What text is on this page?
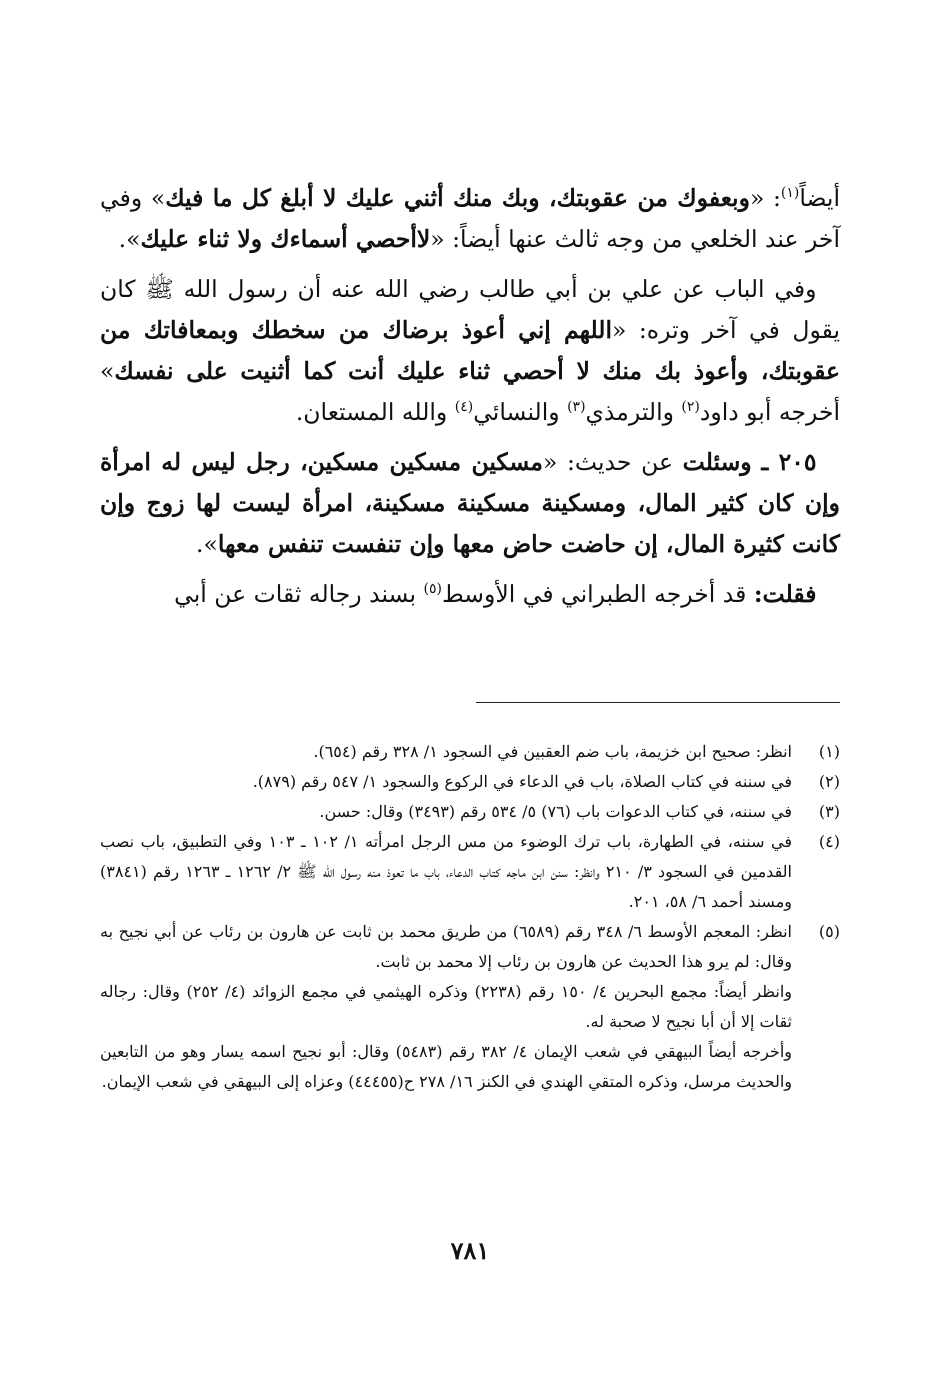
أيضاً$^{(١)}$: «وبعفوك من عقوبتك، وبك منك أثني عليك لا أبلغ كل ما فيك» وفي آخر عند الخلعي من وجه ثالث عنها أيضاً: «لاأحصي أسماءك ولا ثناء عليك».

 وفي الباب عن علي بن أبي طالب رضي الله عنه أن رسول الله ﷺ كان يقول في آخر وتره: «اللهم إني أعوذ برضاك من سخطك وبمعافاتك من عقوبتك، وأعوذ بك منك لا أحصي ثناء عليك أنت كما أثنيت على نفسك» أخرجه أبو داود$^{(٢)}$ والترمذي$^{(٣)}$ والنسائي$^{(٤)}$ والله المستعان.

 ٢٠٥ ـ وسئلت عن حديث: «مسكين مسكين مسكين، رجل ليس له امرأة وإن كان كثير المال، ومسكينة مسكينة مسكينة، امرأة ليست لها زوج وإن كانت كثيرة المال، إن حاضت حاض معها وإن تنفست تنفس معها».

 فقلت: قد أخرجه الطبراني في الأوسط$^{(٥)}$ بسند رجاله ثقات عن أبي

(١)
انظر: صحيح ابن خزيمة، باب ضم العقبين في السجود ١/ ٣٢٨ رقم (٦٥٤).
(٢)
في سننه في كتاب الصلاة، باب في الدعاء في الركوع والسجود ١/ ٥٤٧ رقم (٨٧٩).
(٣)
في سننه، في كتاب الدعوات باب (٧٦) ٥/ ٥٣٤ رقم (٣٤٩٣) وقال: حسن.
(٤)
في سننه، في الطهارة، باب ترك الوضوء من مس الرجل امرأته ١/ ١٠٢ ـ ١٠٣ وفي التطبيق، باب نصب القدمين في السجود ٣/ ٢١٠ وانظر: سنن ابن ماجه كتاب الدعاء، باب ما تعوذ منه رسول الله ﷺ ٢/ ١٢٦٢ ـ ١٢٦٣ رقم (٣٨٤١) ومسند أحمد ٦/ ٥٨، ٢٠١.
(٥)
انظر: المعجم الأوسط ٦/ ٣٤٨ رقم (٦٥٨٩) من طريق محمد بن ثابت عن هارون بن رئاب عن أبي نجيح به وقال: لم يرو هذا الحديث عن هارون بن رئاب إلا محمد بن ثابت.
وانظر أيضاً: مجمع البحرين ٤/ ١٥٠ رقم (٢٢٣٨) وذكره الهيثمي في مجمع الزوائد (٤/ ٢٥٢) وقال: رجاله ثقات إلا أن أبا نجيح لا صحبة له.
وأخرجه أيضاً البيهقي في شعب الإيمان ٤/ ٣٨٢ رقم (٥٤٨٣) وقال: أبو نجيح اسمه يسار وهو من التابعين والحديث مرسل، وذكره المتقي الهندي في الكنز ١٦/ ٢٧٨ ح(٤٤٤٥٥) وعزاه إلى البيهقي في شعب الإيمان.
٧٨١
